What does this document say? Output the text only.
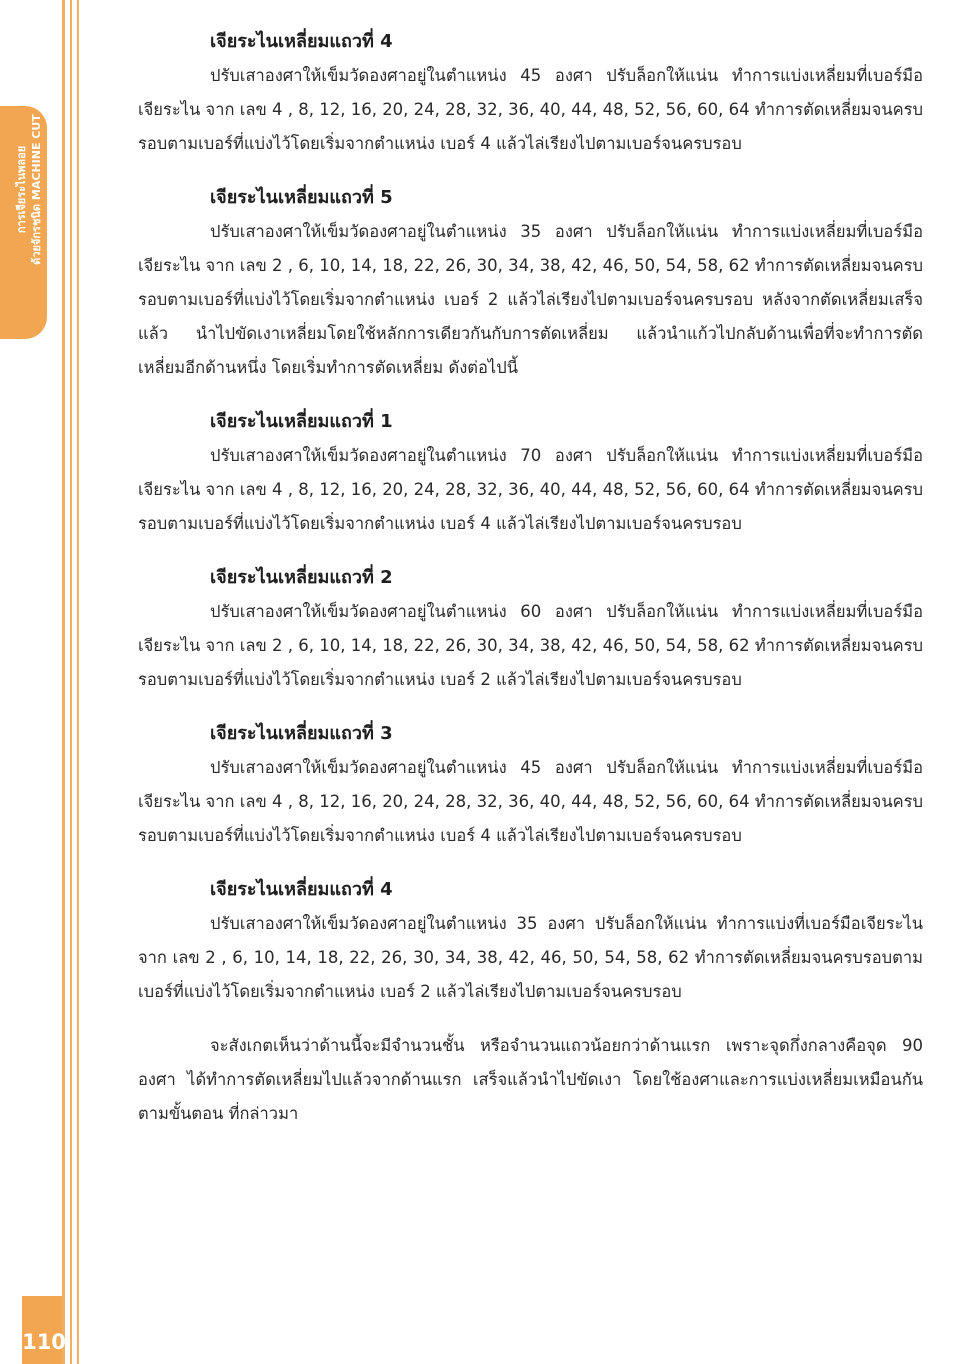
การเจียระไนพลอย ด้วยจักรชนิด MACHINE CUT
110
เจียระไนเหลี่ยมแถวที่ 4
ปรับเสาองศาให้เข็มวัดองศาอยู่ในตำแหน่ง 45 องศา ปรับล็อกให้แน่น ทำการแบ่งเหลี่ยมที่เบอร์มือเจียระไน จาก เลข 4 , 8, 12, 16, 20, 24, 28, 32, 36, 40, 44, 48, 52, 56, 60, 64 ทำการตัดเหลี่ยมจนครบรอบตามเบอร์ที่แบ่งไว้โดยเริ่มจากตำแหน่ง เบอร์ 4 แล้วไล่เรียงไปตามเบอร์จนครบรอบ
เจียระไนเหลี่ยมแถวที่ 5
ปรับเสาองศาให้เข็มวัดองศาอยู่ในตำแหน่ง 35 องศา ปรับล็อกให้แน่น ทำการแบ่งเหลี่ยมที่เบอร์มือเจียระไน จาก เลข 2 , 6, 10, 14, 18, 22, 26, 30, 34, 38, 42, 46, 50, 54, 58, 62 ทำการตัดเหลี่ยมจนครบรอบตามเบอร์ที่แบ่งไว้โดยเริ่มจากตำแหน่ง เบอร์ 2 แล้วไล่เรียงไปตามเบอร์จนครบรอบ หลังจากตัดเหลี่ยมเสร็จแล้ว นำไปขัดเงาเหลี่ยมโดยใช้หลักการเดียวกันกับการตัดเหลี่ยม แล้วนำแก้วไปกลับด้านเพื่อที่จะทำการตัดเหลี่ยมอีกด้านหนึ่ง โดยเริ่มทำการตัดเหลี่ยม ดังต่อไปนี้
เจียระไนเหลี่ยมแถวที่ 1
ปรับเสาองศาให้เข็มวัดองศาอยู่ในตำแหน่ง 70 องศา ปรับล็อกให้แน่น ทำการแบ่งเหลี่ยมที่เบอร์มือเจียระไน จาก เลข 4 , 8, 12, 16, 20, 24, 28, 32, 36, 40, 44, 48, 52, 56, 60, 64 ทำการตัดเหลี่ยมจนครบรอบตามเบอร์ที่แบ่งไว้โดยเริ่มจากตำแหน่ง เบอร์ 4 แล้วไล่เรียงไปตามเบอร์จนครบรอบ
เจียระไนเหลี่ยมแถวที่ 2
ปรับเสาองศาให้เข็มวัดองศาอยู่ในตำแหน่ง 60 องศา ปรับล็อกให้แน่น ทำการแบ่งเหลี่ยมที่เบอร์มือเจียระไน จาก เลข 2 , 6, 10, 14, 18, 22, 26, 30, 34, 38, 42, 46, 50, 54, 58, 62 ทำการตัดเหลี่ยมจนครบรอบตามเบอร์ที่แบ่งไว้โดยเริ่มจากตำแหน่ง เบอร์ 2 แล้วไล่เรียงไปตามเบอร์จนครบรอบ
เจียระไนเหลี่ยมแถวที่ 3
ปรับเสาองศาให้เข็มวัดองศาอยู่ในตำแหน่ง 45 องศา ปรับล็อกให้แน่น ทำการแบ่งเหลี่ยมที่เบอร์มือเจียระไน จาก เลข 4 , 8, 12, 16, 20, 24, 28, 32, 36, 40, 44, 48, 52, 56, 60, 64 ทำการตัดเหลี่ยมจนครบรอบตามเบอร์ที่แบ่งไว้โดยเริ่มจากตำแหน่ง เบอร์ 4 แล้วไล่เรียงไปตามเบอร์จนครบรอบ
เจียระไนเหลี่ยมแถวที่ 4
ปรับเสาองศาให้เข็มวัดองศาอยู่ในตำแหน่ง 35 องศา ปรับล็อกให้แน่น ทำการแบ่งที่เบอร์มือเจียระไน จาก เลข 2 , 6, 10, 14, 18, 22, 26, 30, 34, 38, 42, 46, 50, 54, 58, 62 ทำการตัดเหลี่ยมจนครบรอบตามเบอร์ที่แบ่งไว้โดยเริ่มจากตำแหน่ง เบอร์ 2 แล้วไล่เรียงไปตามเบอร์จนครบรอบ
จะสังเกตเห็นว่าด้านนี้จะมีจำนวนชั้น หรือจำนวนแถวน้อยกว่าด้านแรก เพราะจุดกึ่งกลางคือจุด 90 องศา ได้ทำการตัดเหลี่ยมไปแล้วจากด้านแรก เสร็จแล้วนำไปขัดเงา โดยใช้องศาและการแบ่งเหลี่ยมเหมือนกันตามขั้นตอน ที่กล่าวมา
